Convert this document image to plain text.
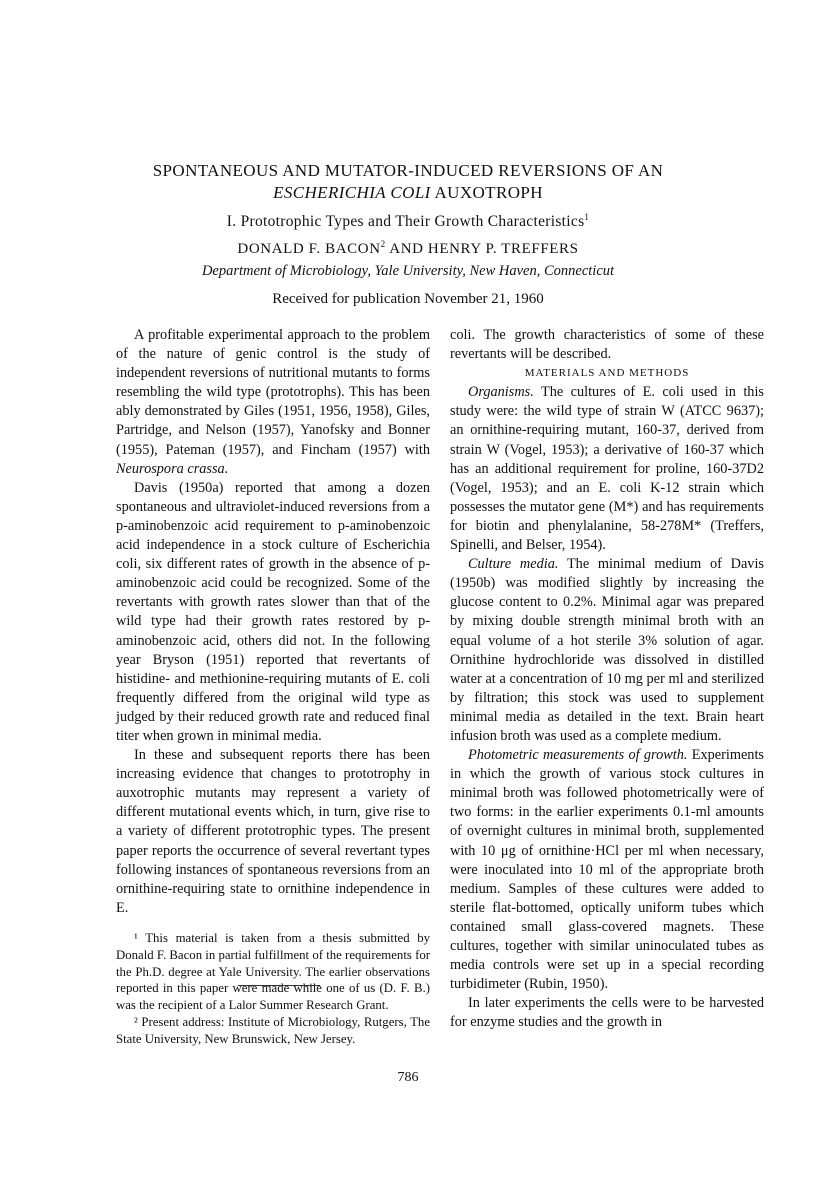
SPONTANEOUS AND MUTATOR-INDUCED REVERSIONS OF AN
ESCHERICHIA COLI AUXOTROPH
I. Prototrophic Types and Their Growth Characteristics$^1$
DONALD F. BACON$^2$ AND HENRY P. TREFFERS
Department of Microbiology, Yale University, New Haven, Connecticut
Received for publication November 21, 1960

A profitable experimental approach to the problem of the nature of genic control is the study of independent reversions of nutritional mutants to forms resembling the wild type (prototrophs). This has been ably demonstrated by Giles (1951, 1956, 1958), Giles, Partridge, and Nelson (1957), Yanofsky and Bonner (1955), Pateman (1957), and Fincham (1957) with Neurospora crassa.

Davis (1950a) reported that among a dozen spontaneous and ultraviolet-induced reversions from a p-aminobenzoic acid requirement to p-aminobenzoic acid independence in a stock culture of Escherichia coli, six different rates of growth in the absence of p-aminobenzoic acid could be recognized. Some of the revertants with growth rates slower than that of the wild type had their growth rates restored by p-aminobenzoic acid, others did not. In the following year Bryson (1951) reported that revertants of histidine- and methionine-requiring mutants of E. coli frequently differed from the original wild type as judged by their reduced growth rate and reduced final titer when grown in minimal media.

In these and subsequent reports there has been increasing evidence that changes to prototrophy in auxotrophic mutants may represent a variety of different mutational events which, in turn, give rise to a variety of different prototrophic types. The present paper reports the occurrence of several revertant types following instances of spontaneous reversions from an ornithine-requiring state to ornithine independence in E.

¹ This material is taken from a thesis submitted by Donald F. Bacon in partial fulfillment of the requirements for the Ph.D. degree at Yale University. The earlier observations reported in this paper were made while one of us (D. F. B.) was the recipient of a Lalor Summer Research Grant.

² Present address: Institute of Microbiology, Rutgers, The State University, New Brunswick, New Jersey.

coli. The growth characteristics of some of these revertants will be described.

MATERIALS AND METHODS

Organisms. The cultures of E. coli used in this study were: the wild type of strain W (ATCC 9637); an ornithine-requiring mutant, 160-37, derived from strain W (Vogel, 1953); a derivative of 160-37 which has an additional requirement for proline, 160-37D2 (Vogel, 1953); and an E. coli K-12 strain which possesses the mutator gene (M*) and has requirements for biotin and phenylalanine, 58-278M* (Treffers, Spinelli, and Belser, 1954).

Culture media. The minimal medium of Davis (1950b) was modified slightly by increasing the glucose content to 0.2%. Minimal agar was prepared by mixing double strength minimal broth with an equal volume of a hot sterile 3% solution of agar. Ornithine hydrochloride was dissolved in distilled water at a concentration of 10 mg per ml and sterilized by filtration; this stock was used to supplement minimal media as detailed in the text. Brain heart infusion broth was used as a complete medium.

Photometric measurements of growth. Experiments in which the growth of various stock cultures in minimal broth was followed photometrically were of two forms: in the earlier experiments 0.1-ml amounts of overnight cultures in minimal broth, supplemented with 10 μg of ornithine·HCl per ml when necessary, were inoculated into 10 ml of the appropriate broth medium. Samples of these cultures were added to sterile flat-bottomed, optically uniform tubes which contained small glass-covered magnets. These cultures, together with similar uninoculated tubes as media controls were set up in a special recording turbidimeter (Rubin, 1950).

In later experiments the cells were to be harvested for enzyme studies and the growth in

786
